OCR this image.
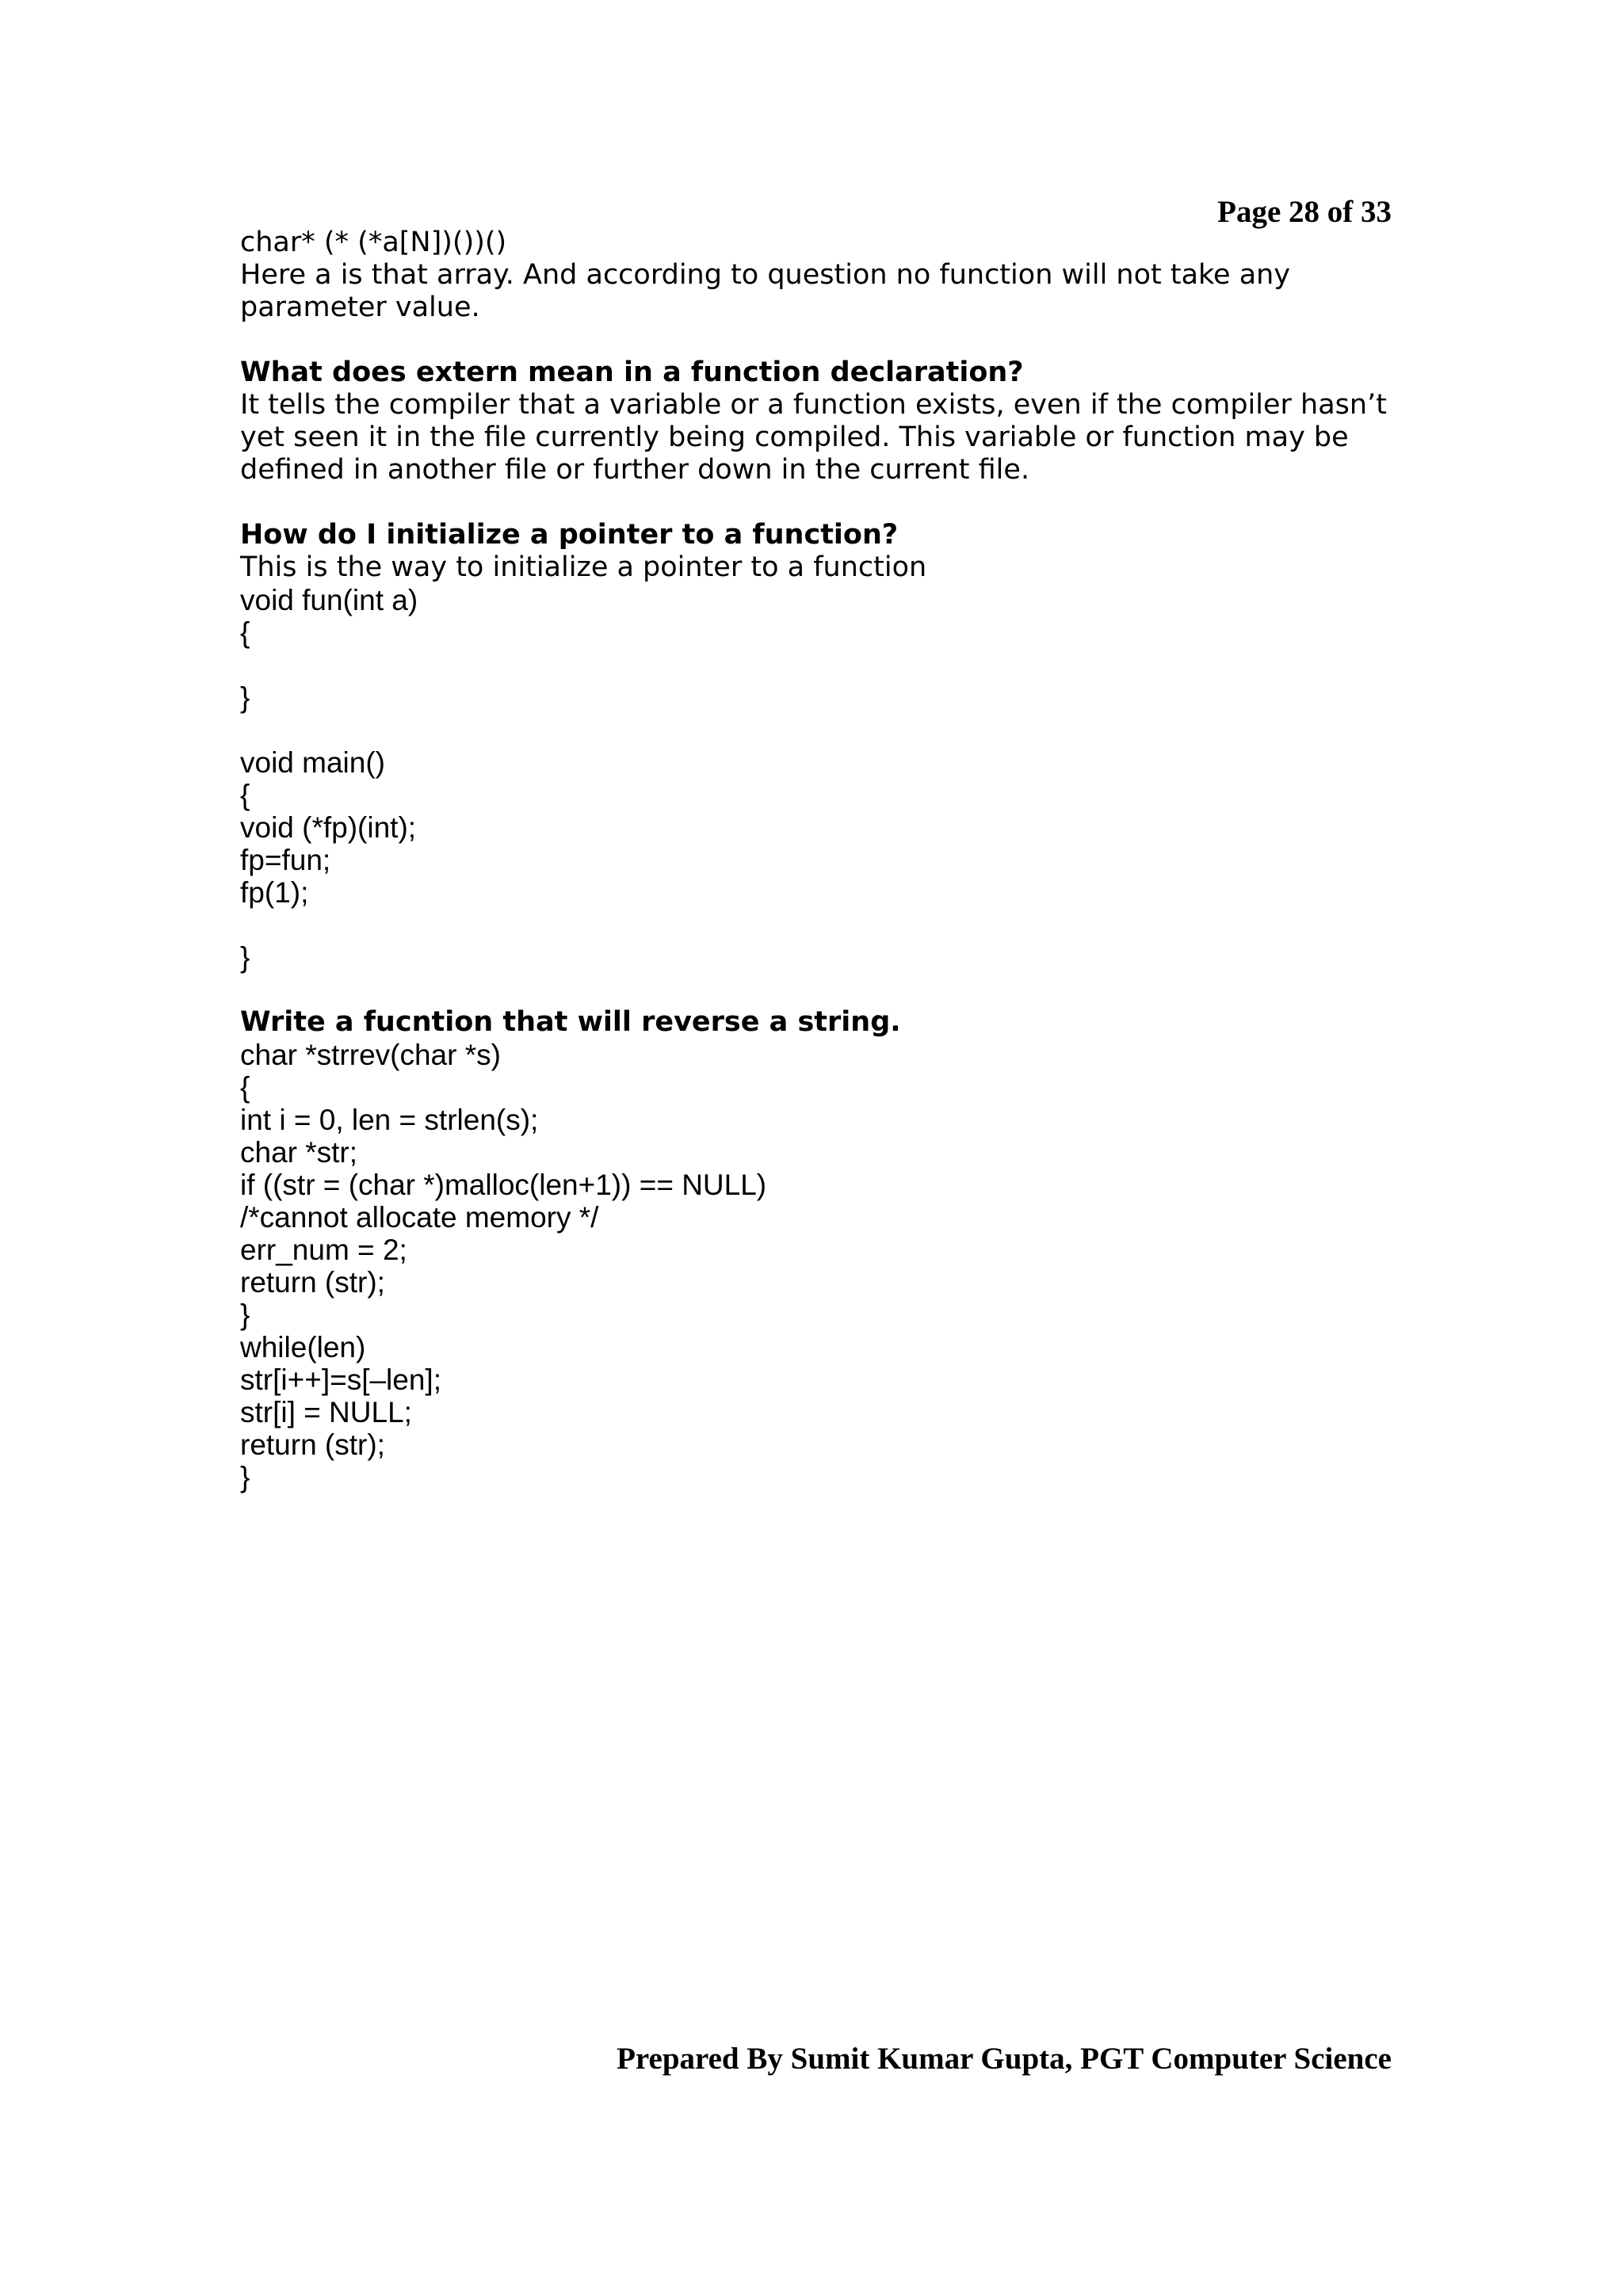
Page 28 of 33
char* (* (*a[N])())()
Here a is that array. And according to question no function will not take any
parameter value.
What does extern mean in a function declaration?
It tells the compiler that a variable or a function exists, even if the compiler hasn’t
yet seen it in the file currently being compiled. This variable or function may be
defined in another file or further down in the current file.
How do I initialize a pointer to a function?
This is the way to initialize a pointer to a function
void fun(int a)
{
}
void main()
{
void (*fp)(int);
fp=fun;
fp(1);
}
Write a fucntion that will reverse a string.
char *strrev(char *s)
{
int i = 0, len = strlen(s);
char *str;
if ((str = (char *)malloc(len+1)) == NULL)
/*cannot allocate memory */
err_num = 2;
return (str);
}
while(len)
str[i++]=s[–len];
str[i] = NULL;
return (str);
}
Prepared By Sumit Kumar Gupta, PGT Computer Science
